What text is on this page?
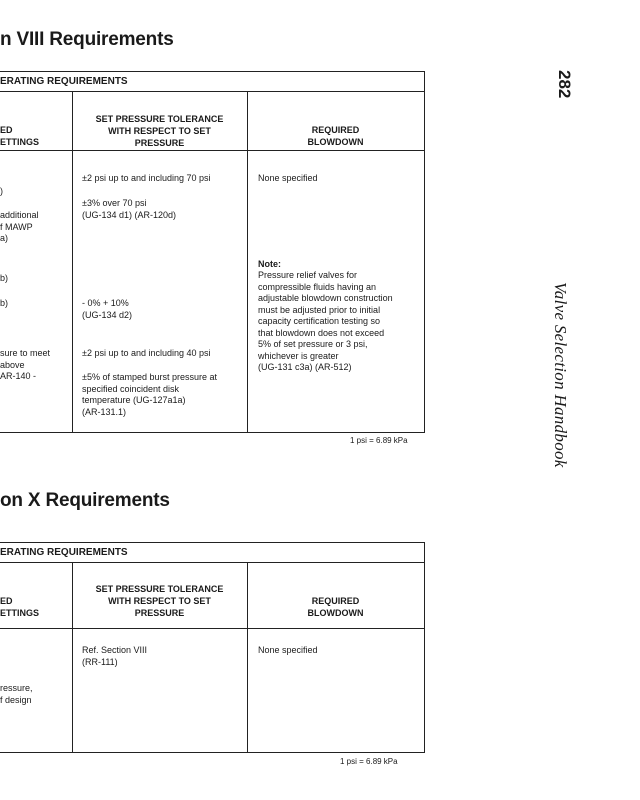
282
Valve Selection Handbook
n VIII Requirements
ERATING REQUIREMENTS
ED
ETTINGS
SET PRESSURE TOLERANCE
WITH RESPECT TO SET
PRESSURE
REQUIRED
BLOWDOWN
)
additional
f MAWP
a)
b)
b)
sure to meet
above
AR-140 -
±2 psi up to and including 70 psi
±3% over 70 psi
(UG-134 d1) (AR-120d)
- 0% + 10%
(UG-134 d2)
±2 psi up to and including 40 psi
±5% of stamped burst pressure at
specified coincident disk
temperature (UG-127a1a)
(AR-131.1)
None specified
Note:
Pressure relief valves for
compressible fluids having an
adjustable blowdown construction
must be adjusted prior to initial
capacity certification testing so
that blowdown does not exceed
5% of set pressure or 3 psi,
whichever is greater
(UG-131 c3a) (AR-512)
1 psi = 6.89 kPa
on X Requirements
ERATING REQUIREMENTS
ED
ETTINGS
SET PRESSURE TOLERANCE
WITH RESPECT TO SET
PRESSURE
REQUIRED
BLOWDOWN
ressure,
f design
Ref. Section VIII
(RR-111)
None specified
1 psi = 6.89 kPa
